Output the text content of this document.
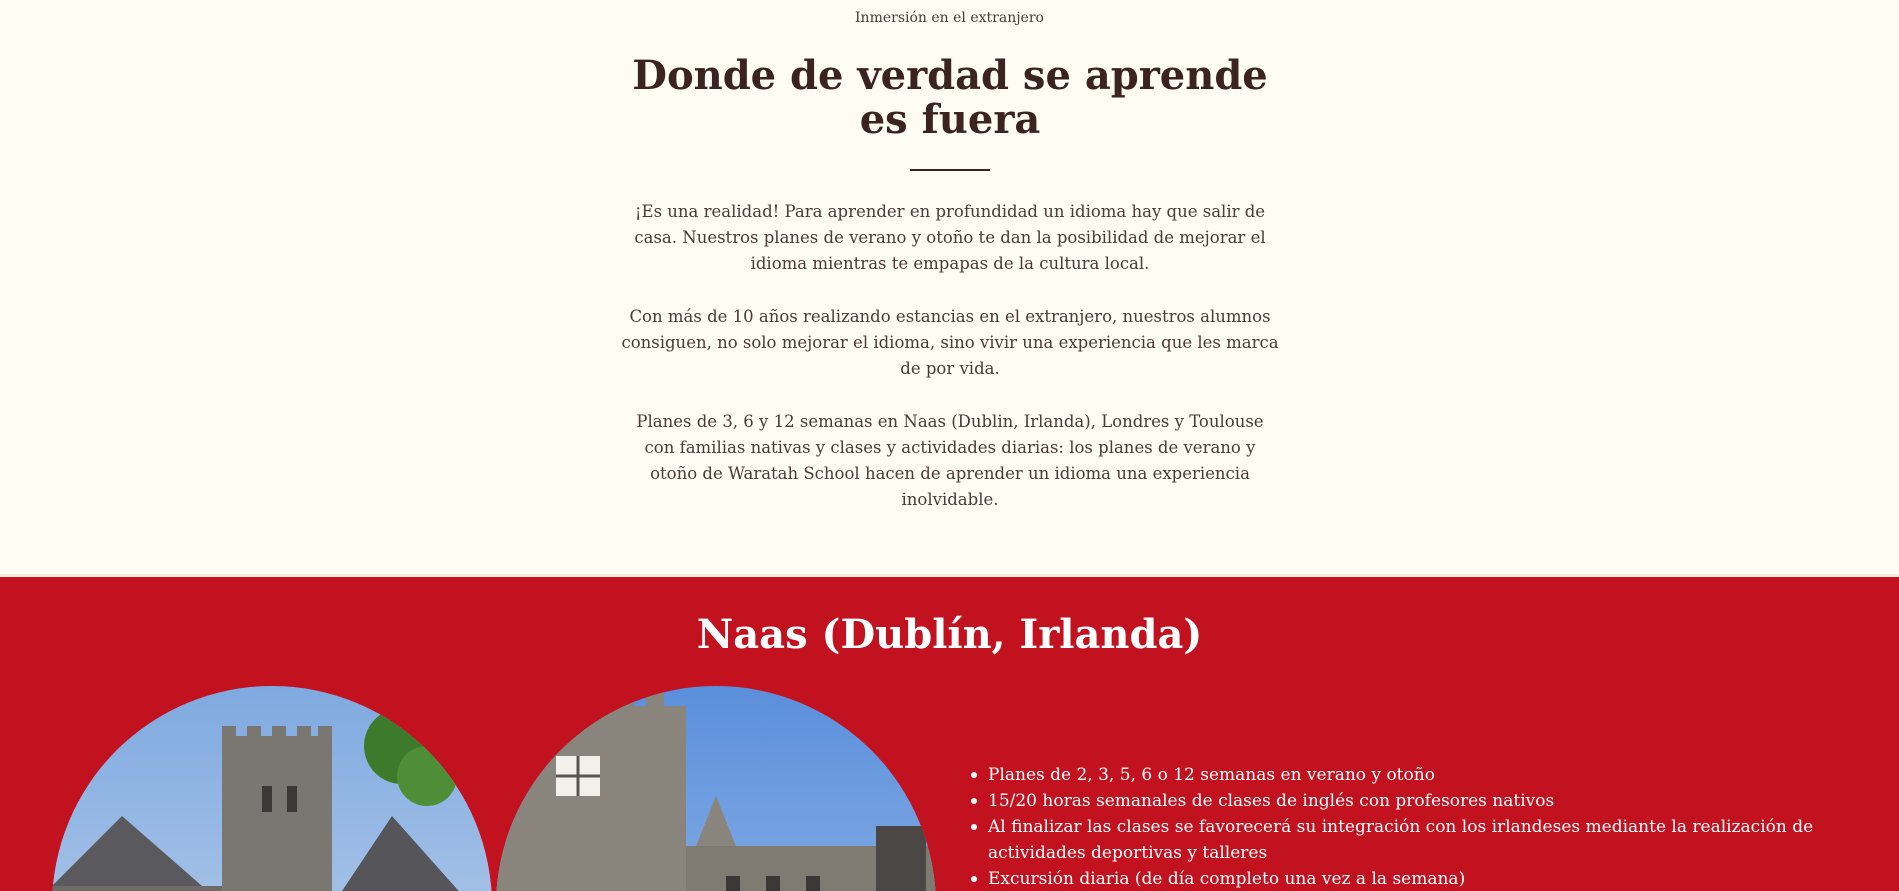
Inmersión en el extranjero
Donde de verdad se aprende es fuera

¡Es una realidad! Para aprender en profundidad un idioma hay que salir de casa. Nuestros planes de verano y otoño te dan la posibilidad de mejorar el idioma mientras te empapas de la cultura local.

Con más de 10 años realizando estancias en el extranjero, nuestros alumnos consiguen, no solo mejorar el idioma, sino vivir una experiencia que les marca de por vida.

Planes de 3, 6 y 12 semanas en Naas (Dublin, Irlanda), Londres y Toulouse con familias nativas y clases y actividades diarias: los planes de verano y otoño de Waratah School hacen de aprender un idioma una experiencia inolvidable.

Naas (Dublín, Irlanda)
Planes de 2, 3, 5, 6 o 12 semanas en verano y otoño
15/20 horas semanales de clases de inglés con profesores nativos
Al finalizar las clases se favorecerá su integración con los irlandeses mediante la realización de actividades deportivas y talleres
Excursión diaria (de día completo una vez a la semana)
